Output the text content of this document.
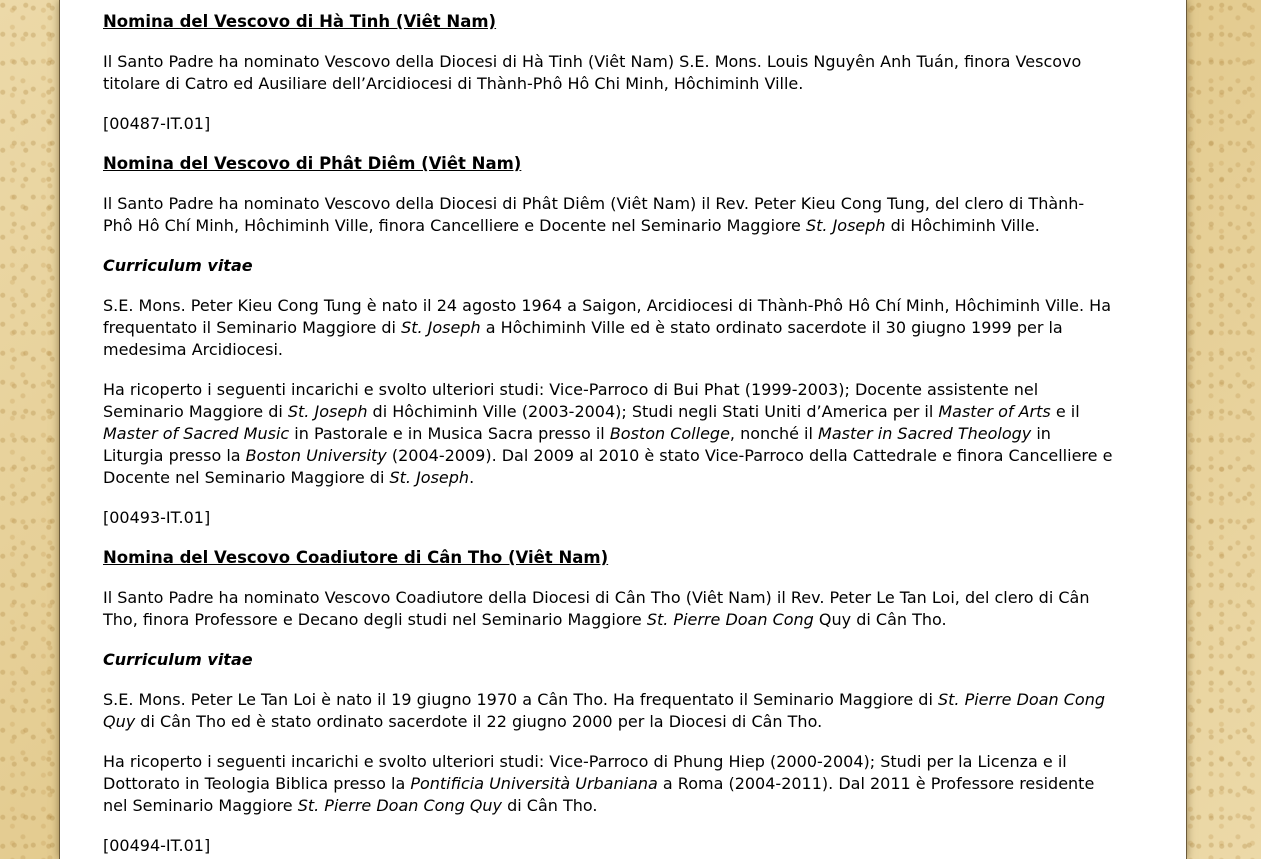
Nomina del Vescovo di Hà Tinh (Viêt Nam)

Il Santo Padre ha nominato Vescovo della Diocesi di Hà Tinh (Viêt Nam) S.E. Mons. Louis Nguyên Anh Tuán, finora Vescovo titolare di Catro ed Ausiliare dell’Arcidiocesi di Thành-Phô Hô Chi Minh, Hôchiminh Ville.

[00487-IT.01]

Nomina del Vescovo di Phât Diêm (Viêt Nam)

Il Santo Padre ha nominato Vescovo della Diocesi di Phât Diêm (Viêt Nam) il Rev. Peter Kieu Cong Tung, del clero di Thành-Phô Hô Chí Minh, Hôchiminh Ville, finora Cancelliere e Docente nel Seminario Maggiore St. Joseph di Hôchiminh Ville.

Curriculum vitae

S.E. Mons. Peter Kieu Cong Tung è nato il 24 agosto 1964 a Saigon, Arcidiocesi di Thành-Phô Hô Chí Minh, Hôchiminh Ville. Ha frequentato il Seminario Maggiore di St. Joseph a Hôchiminh Ville ed è stato ordinato sacerdote il 30 giugno 1999 per la medesima Arcidiocesi.

Ha ricoperto i seguenti incarichi e svolto ulteriori studi: Vice-Parroco di Bui Phat (1999-2003); Docente assistente nel Seminario Maggiore di St. Joseph di Hôchiminh Ville (2003-2004); Studi negli Stati Uniti d’America per il Master of Arts e il Master of Sacred Music in Pastorale e in Musica Sacra presso il Boston College, nonché il Master in Sacred Theology in Liturgia presso la Boston University (2004-2009). Dal 2009 al 2010 è stato Vice-Parroco della Cattedrale e finora Cancelliere e Docente nel Seminario Maggiore di St. Joseph.

[00493-IT.01]

Nomina del Vescovo Coadiutore di Cân Tho (Viêt Nam)

Il Santo Padre ha nominato Vescovo Coadiutore della Diocesi di Cân Tho (Viêt Nam) il Rev. Peter Le Tan Loi, del clero di Cân Tho, finora Professore e Decano degli studi nel Seminario Maggiore St. Pierre Doan Cong Quy di Cân Tho.

Curriculum vitae

S.E. Mons. Peter Le Tan Loi è nato il 19 giugno 1970 a Cân Tho. Ha frequentato il Seminario Maggiore di St. Pierre Doan Cong Quy di Cân Tho ed è stato ordinato sacerdote il 22 giugno 2000 per la Diocesi di Cân Tho.

Ha ricoperto i seguenti incarichi e svolto ulteriori studi: Vice-Parroco di Phung Hiep (2000-2004); Studi per la Licenza e il Dottorato in Teologia Biblica presso la Pontificia Università Urbaniana a Roma (2004-2011). Dal 2011 è Professore residente nel Seminario Maggiore St. Pierre Doan Cong Quy di Cân Tho.

[00494-IT.01]
